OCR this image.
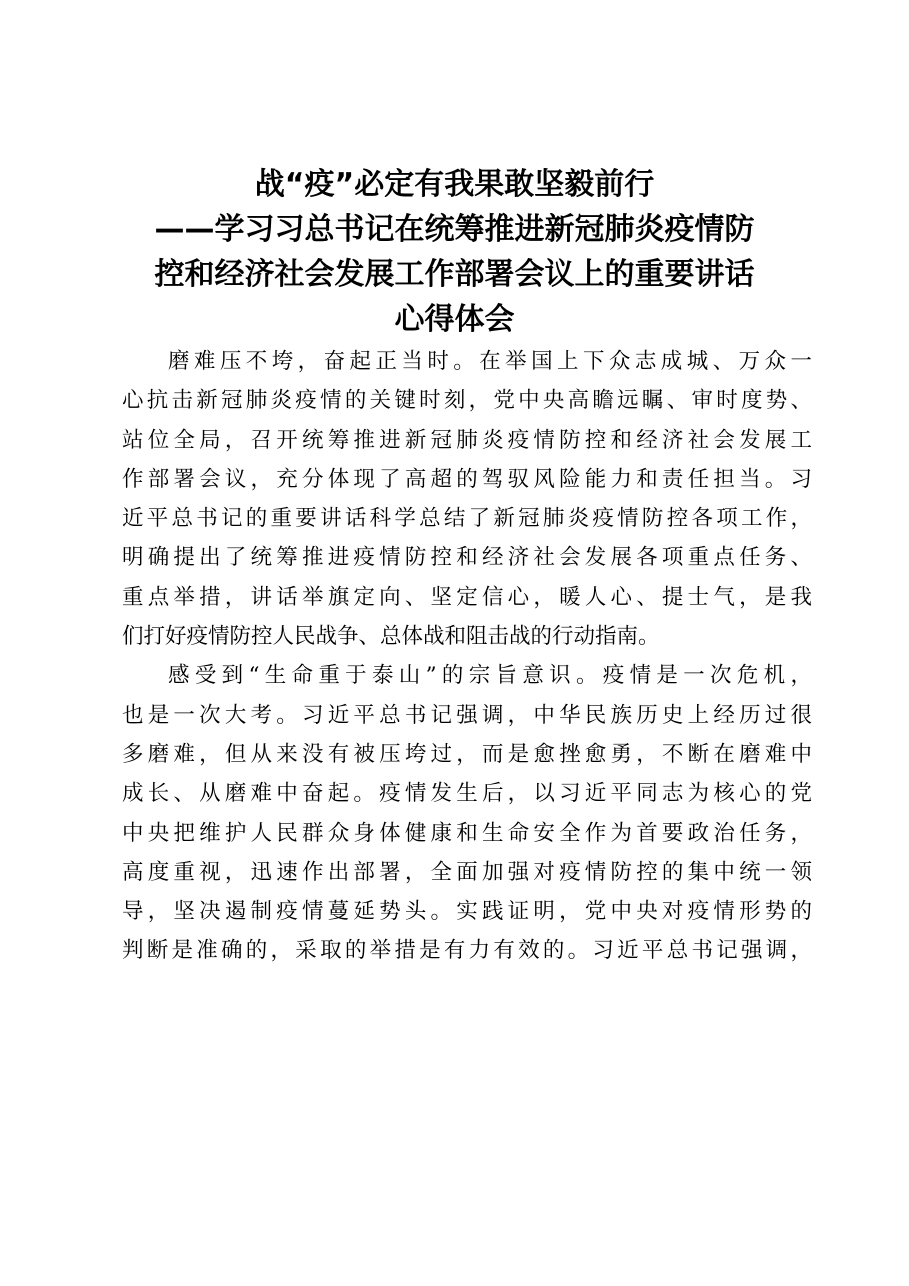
战“疫”必定有我果敢坚毅前行
——学习习总书记在统筹推进新冠肺炎疫情防
控和经济社会发展工作部署会议上的重要讲话
心得体会
磨难压不垮，奋起正当时。在举国上下众志成城、万众一
心抗击新冠肺炎疫情的关键时刻，党中央高瞻远瞩、审时度势、
站位全局，召开统筹推进新冠肺炎疫情防控和经济社会发展工
作部署会议，充分体现了高超的驾驭风险能力和责任担当。习
近平总书记的重要讲话科学总结了新冠肺炎疫情防控各项工作，
明确提出了统筹推进疫情防控和经济社会发展各项重点任务、
重点举措，讲话举旗定向、坚定信心，暖人心、提士气，是我
们打好疫情防控人民战争、总体战和阻击战的行动指南。
感受到“生命重于泰山”的宗旨意识。疫情是一次危机，
也是一次大考。习近平总书记强调，中华民族历史上经历过很
多磨难，但从来没有被压垮过，而是愈挫愈勇，不断在磨难中
成长、从磨难中奋起。疫情发生后，以习近平同志为核心的党
中央把维护人民群众身体健康和生命安全作为首要政治任务，
高度重视，迅速作出部署，全面加强对疫情防控的集中统一领
导，坚决遏制疫情蔓延势头。实践证明，党中央对疫情形势的
判断是准确的，采取的举措是有力有效的。习近平总书记强调，
